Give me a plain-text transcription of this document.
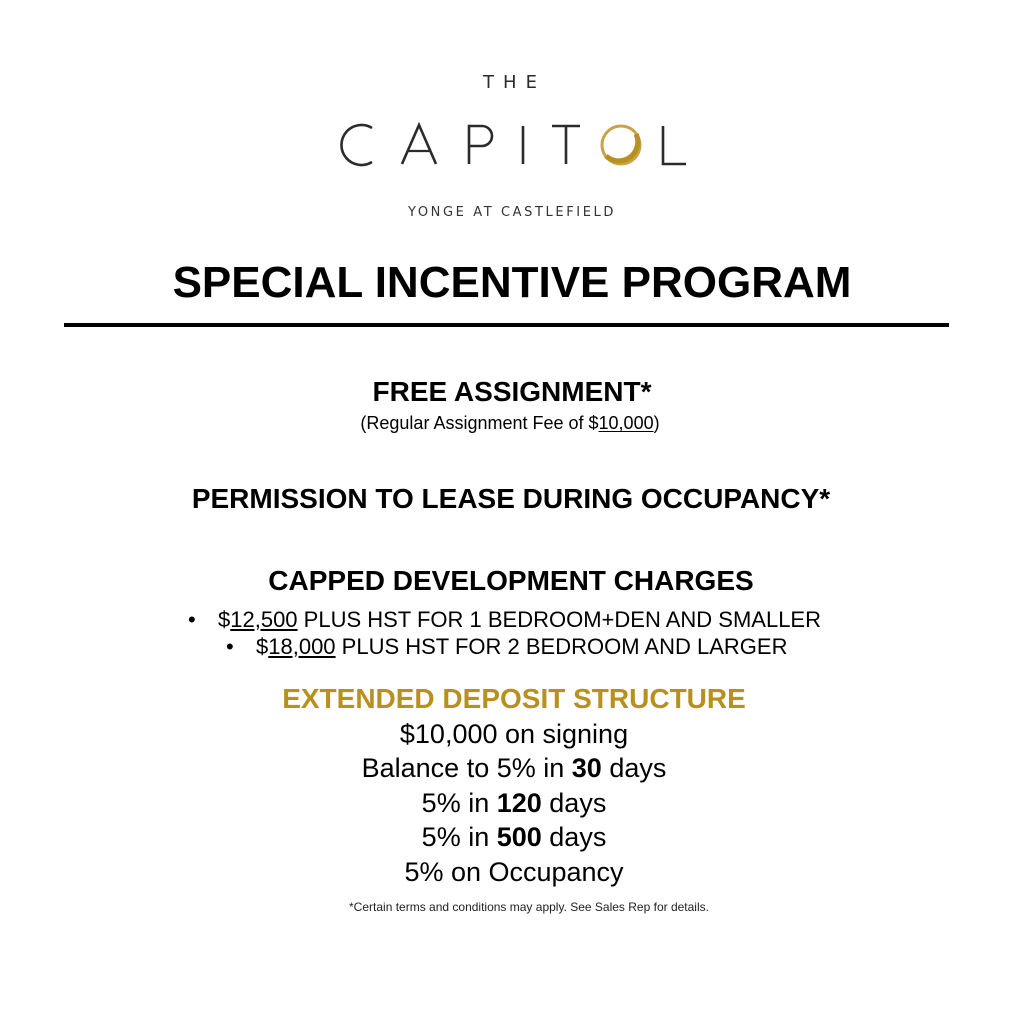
THE
YONGE AT CASTLEFIELD
SPECIAL INCENTIVE PROGRAM
FREE ASSIGNMENT*
(Regular Assignment Fee of $10,000)
PERMISSION TO LEASE DURING OCCUPANCY*
CAPPED DEVELOPMENT CHARGES
• $12,500 PLUS HST FOR 1 BEDROOM+DEN AND SMALLER
• $18,000 PLUS HST FOR 2 BEDROOM AND LARGER
EXTENDED DEPOSIT STRUCTURE
$10,000 on signing
Balance to 5% in 30 days
5% in 120 days
5% in 500 days
5% on Occupancy
*Certain terms and conditions may apply. See Sales Rep for details.
